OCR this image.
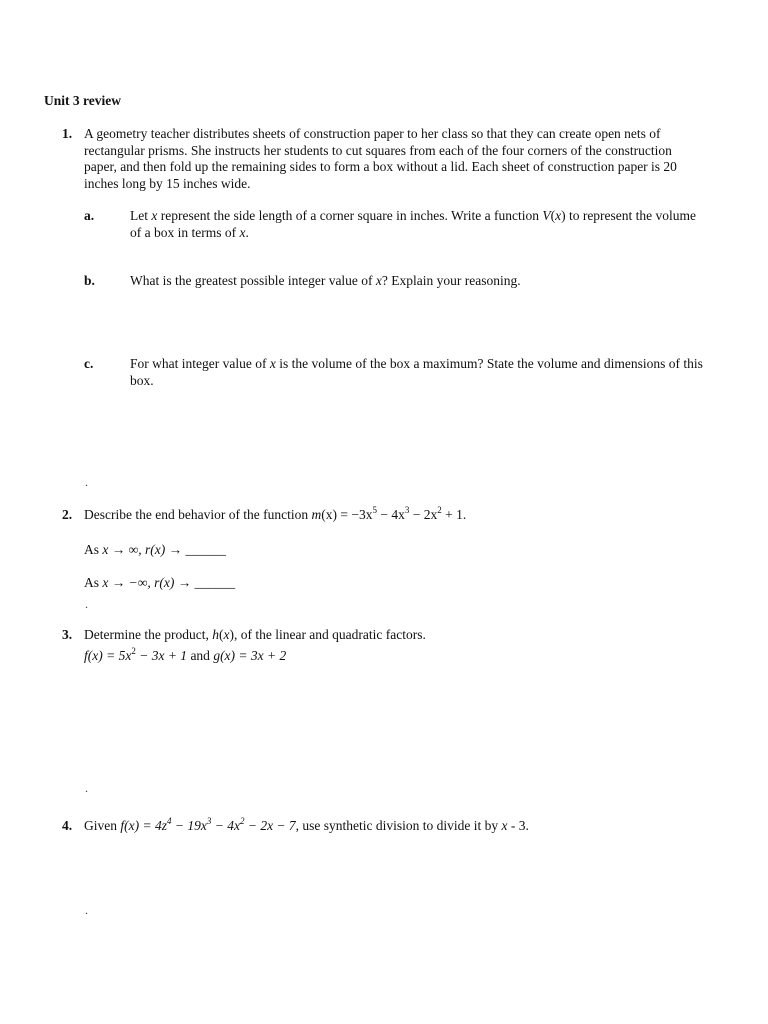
Unit 3 review
1. A geometry teacher distributes sheets of construction paper to her class so that they can create open nets of
rectangular prisms. She instructs her students to cut squares from each of the four corners of the construction
paper, and then fold up the remaining sides to form a box without a lid. Each sheet of construction paper is 20
inches long by 15 inches wide.
a.	Let x represent the side length of a corner square in inches. Write a function V(x) to represent the volume
of a box in terms of x.
b.	What is the greatest possible integer value of x? Explain your reasoning.
c.	For what integer value of x is the volume of the box a maximum? State the volume and dimensions of this
box.
.
2. Describe the end behavior of the function $m(x) = -3x^5 - 4x^3 - 2x^2 + 1$.
As x → ∞, r(x) → ______
As x → −∞, r(x) → ______
.
3. Determine the product, h(x), of the linear and quadratic factors.
$f(x) = 5x^2 - 3x + 1$ and g(x) = 3x + 2
.
4. Given $f(x) = 4z^4 - 19x^3 - 4x^2 - 2x - 7$, use synthetic division to divide it by x - 3.
.
